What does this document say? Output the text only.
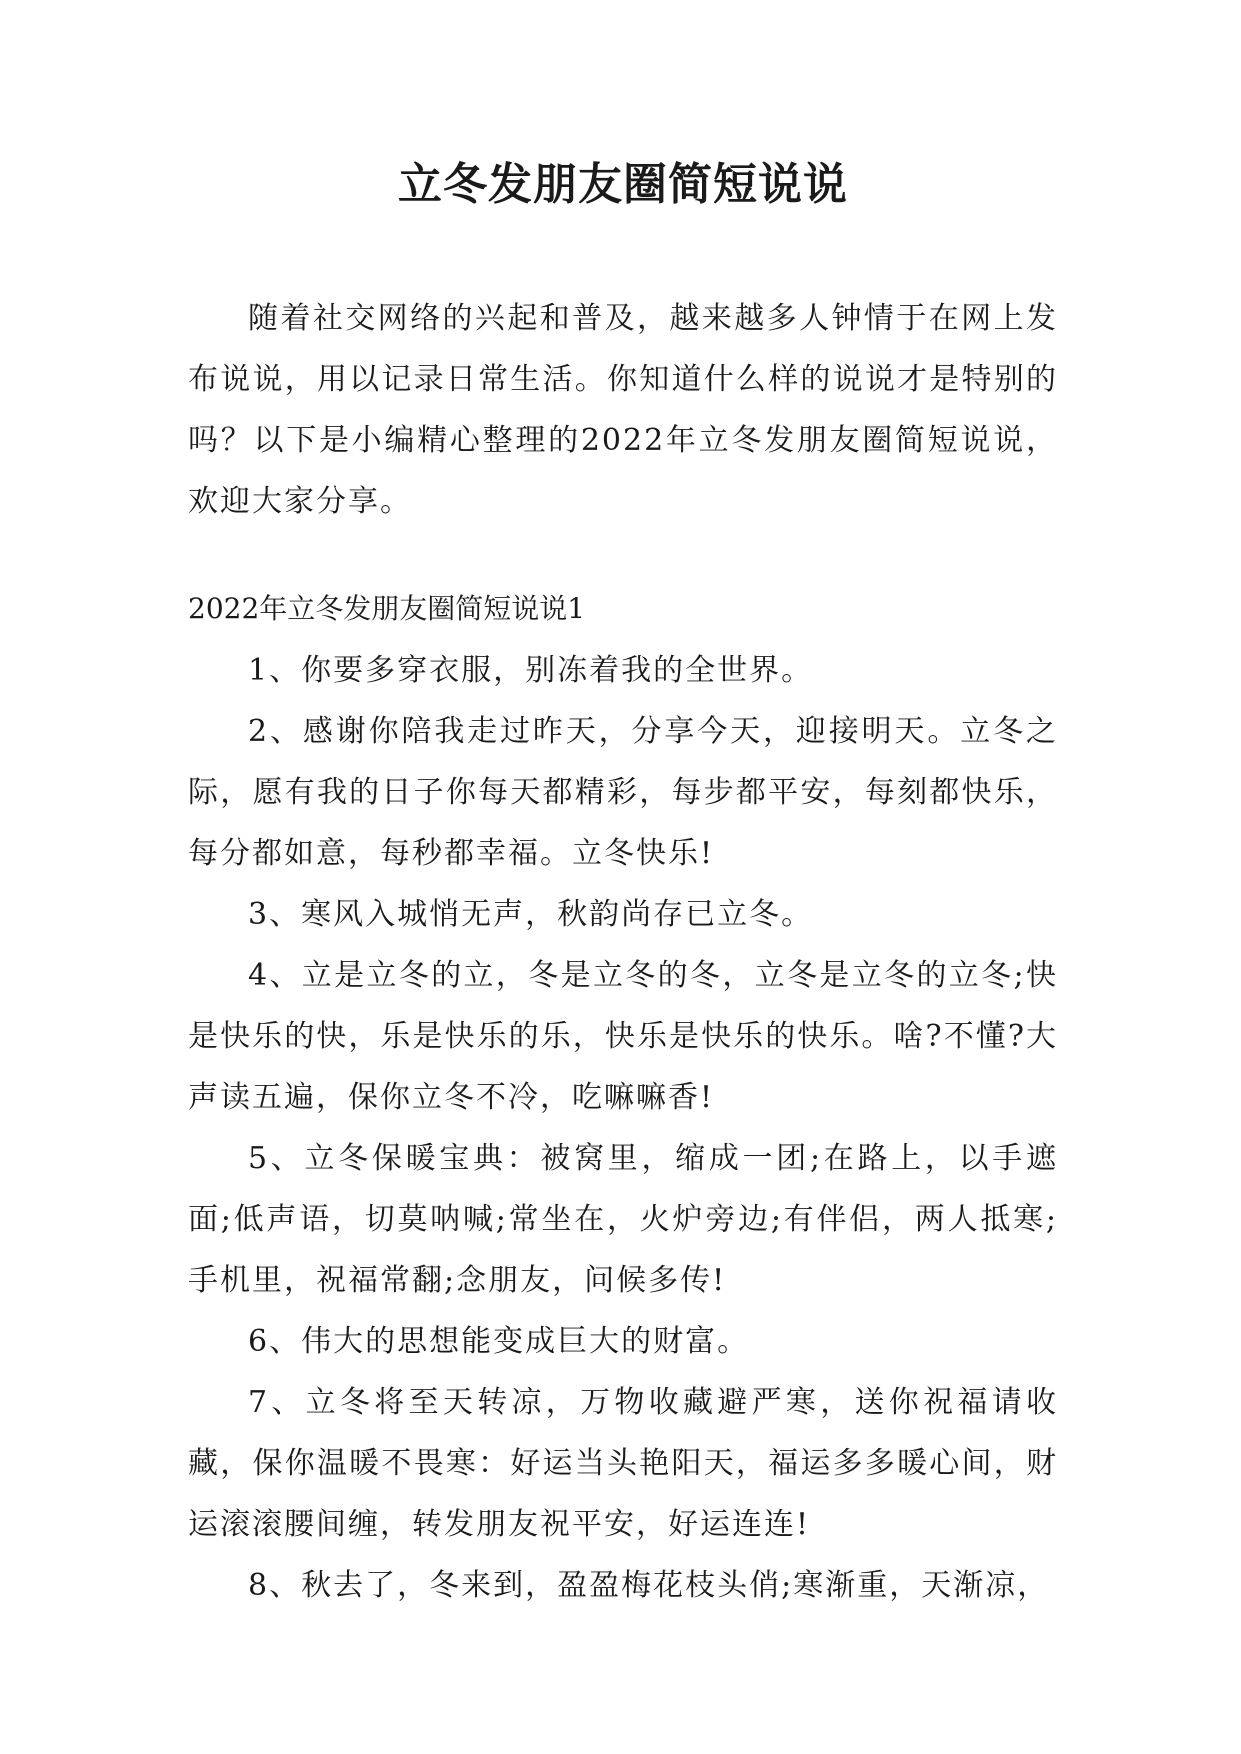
立冬发朋友圈简短说说

随着社交网络的兴起和普及，越来越多人钟情于在网上发布说说，用以记录日常生活。你知道什么样的说说才是特别的吗？以下是小编精心整理的2022年立冬发朋友圈简短说说，欢迎大家分享。

2022年立冬发朋友圈简短说说1

1、你要多穿衣服，别冻着我的全世界。

2、感谢你陪我走过昨天，分享今天，迎接明天。立冬之际，愿有我的日子你每天都精彩，每步都平安，每刻都快乐，每分都如意，每秒都幸福。立冬快乐!

3、寒风入城悄无声，秋韵尚存已立冬。

4、立是立冬的立，冬是立冬的冬，立冬是立冬的立冬;快是快乐的快，乐是快乐的乐，快乐是快乐的快乐。啥?不懂?大声读五遍，保你立冬不冷，吃嘛嘛香!

5、立冬保暖宝典：被窝里，缩成一团;在路上，以手遮面;低声语，切莫呐喊;常坐在，火炉旁边;有伴侣，两人抵寒;手机里，祝福常翻;念朋友，问候多传!

6、伟大的思想能变成巨大的财富。

7、立冬将至天转凉，万物收藏避严寒，送你祝福请收藏，保你温暖不畏寒：好运当头艳阳天，福运多多暖心间，财运滚滚腰间缠，转发朋友祝平安，好运连连!

8、秋去了，冬来到，盈盈梅花枝头俏;寒渐重，天渐凉，
